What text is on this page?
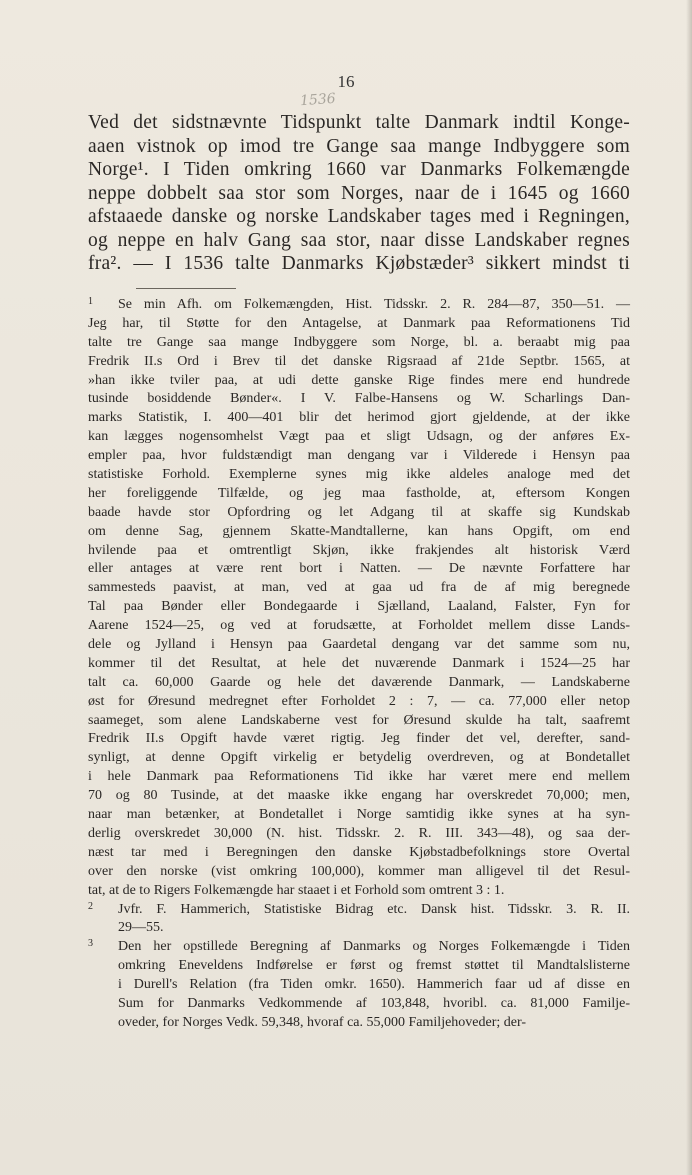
16
1536
Ved det sidstnævnte Tidspunkt talte Danmark indtil Konge-
aaen vistnok op imod tre Gange saa mange Indbyggere som
Norge¹. I Tiden omkring 1660 var Danmarks Folkemængde
neppe dobbelt saa stor som Norges, naar de i 1645 og 1660
afstaaede danske og norske Landskaber tages med i Regningen,
og neppe en halv Gang saa stor, naar disse Landskaber regnes
fra². — I 1536 talte Danmarks Kjøbstæder³ sikkert mindst ti
1 Se min Afh. om Folkemængden, Hist. Tidsskr. 2. R. 284—87, 350—51. —
Jeg har, til Støtte for den Antagelse, at Danmark paa Reformationens Tid
talte tre Gange saa mange Indbyggere som Norge, bl. a. beraabt mig paa
Fredrik II.s Ord i Brev til det danske Rigsraad af 21de Septbr. 1565, at
»han ikke tviler paa, at udi dette ganske Rige findes mere end hundrede
tusinde bosiddende Bønder«. I V. Falbe-Hansens og W. Scharlings Dan-
marks Statistik, I. 400—401 blir det herimod gjort gjeldende, at der ikke
kan lægges nogensomhelst Vægt paa et sligt Udsagn, og der anføres Ex-
empler paa, hvor fuldstændigt man dengang var i Vilderede i Hensyn paa
statistiske Forhold. Exemplerne synes mig ikke aldeles analoge med det
her foreliggende Tilfælde, og jeg maa fastholde, at, eftersom Kongen
baade havde stor Opfordring og let Adgang til at skaffe sig Kundskab
om denne Sag, gjennem Skatte-Mandtallerne, kan hans Opgift, om end
hvilende paa et omtrentligt Skjøn, ikke frakjendes alt historisk Værd
eller antages at være rent bort i Natten. — De nævnte Forfattere har
sammesteds paavist, at man, ved at gaa ud fra de af mig beregnede
Tal paa Bønder eller Bondegaarde i Sjælland, Laaland, Falster, Fyn for
Aarene 1524—25, og ved at forudsætte, at Forholdet mellem disse Lands-
dele og Jylland i Hensyn paa Gaardetal dengang var det samme som nu,
kommer til det Resultat, at hele det nuværende Danmark i 1524—25 har
talt ca. 60,000 Gaarde og hele det daværende Danmark, — Landskaberne
øst for Øresund medregnet efter Forholdet 2 : 7, — ca. 77,000 eller netop
saameget, som alene Landskaberne vest for Øresund skulde ha talt, saafremt
Fredrik II.s Opgift havde været rigtig. Jeg finder det vel, derefter, sand-
synligt, at denne Opgift virkelig er betydelig overdreven, og at Bondetallet
i hele Danmark paa Reformationens Tid ikke har været mere end mellem
70 og 80 Tusinde, at det maaske ikke engang har overskredet 70,000; men,
naar man betænker, at Bondetallet i Norge samtidig ikke synes at ha syn-
derlig overskredet 30,000 (N. hist. Tidsskr. 2. R. III. 343—48), og saa der-
næst tar med i Beregningen den danske Kjøbstadbefolknings store Overtal
over den norske (vist omkring 100,000), kommer man alligevel til det Resul-
tat, at de to Rigers Folkemængde har staaet i et Forhold som omtrent 3 : 1.
2 Jvfr. F. Hammerich, Statistiske Bidrag etc. Dansk hist. Tidsskr. 3. R. II.
29—55.
3 Den her opstillede Beregning af Danmarks og Norges Folkemængde i Tiden
omkring Eneveldens Indførelse er først og fremst støttet til Mandtalslisterne
i Durell's Relation (fra Tiden omkr. 1650). Hammerich faar ud af disse en
Sum for Danmarks Vedkommende af 103,848, hvoribl. ca. 81,000 Familje-
oveder, for Norges Vedk. 59,348, hvoraf ca. 55,000 Familjehoveder; der-
